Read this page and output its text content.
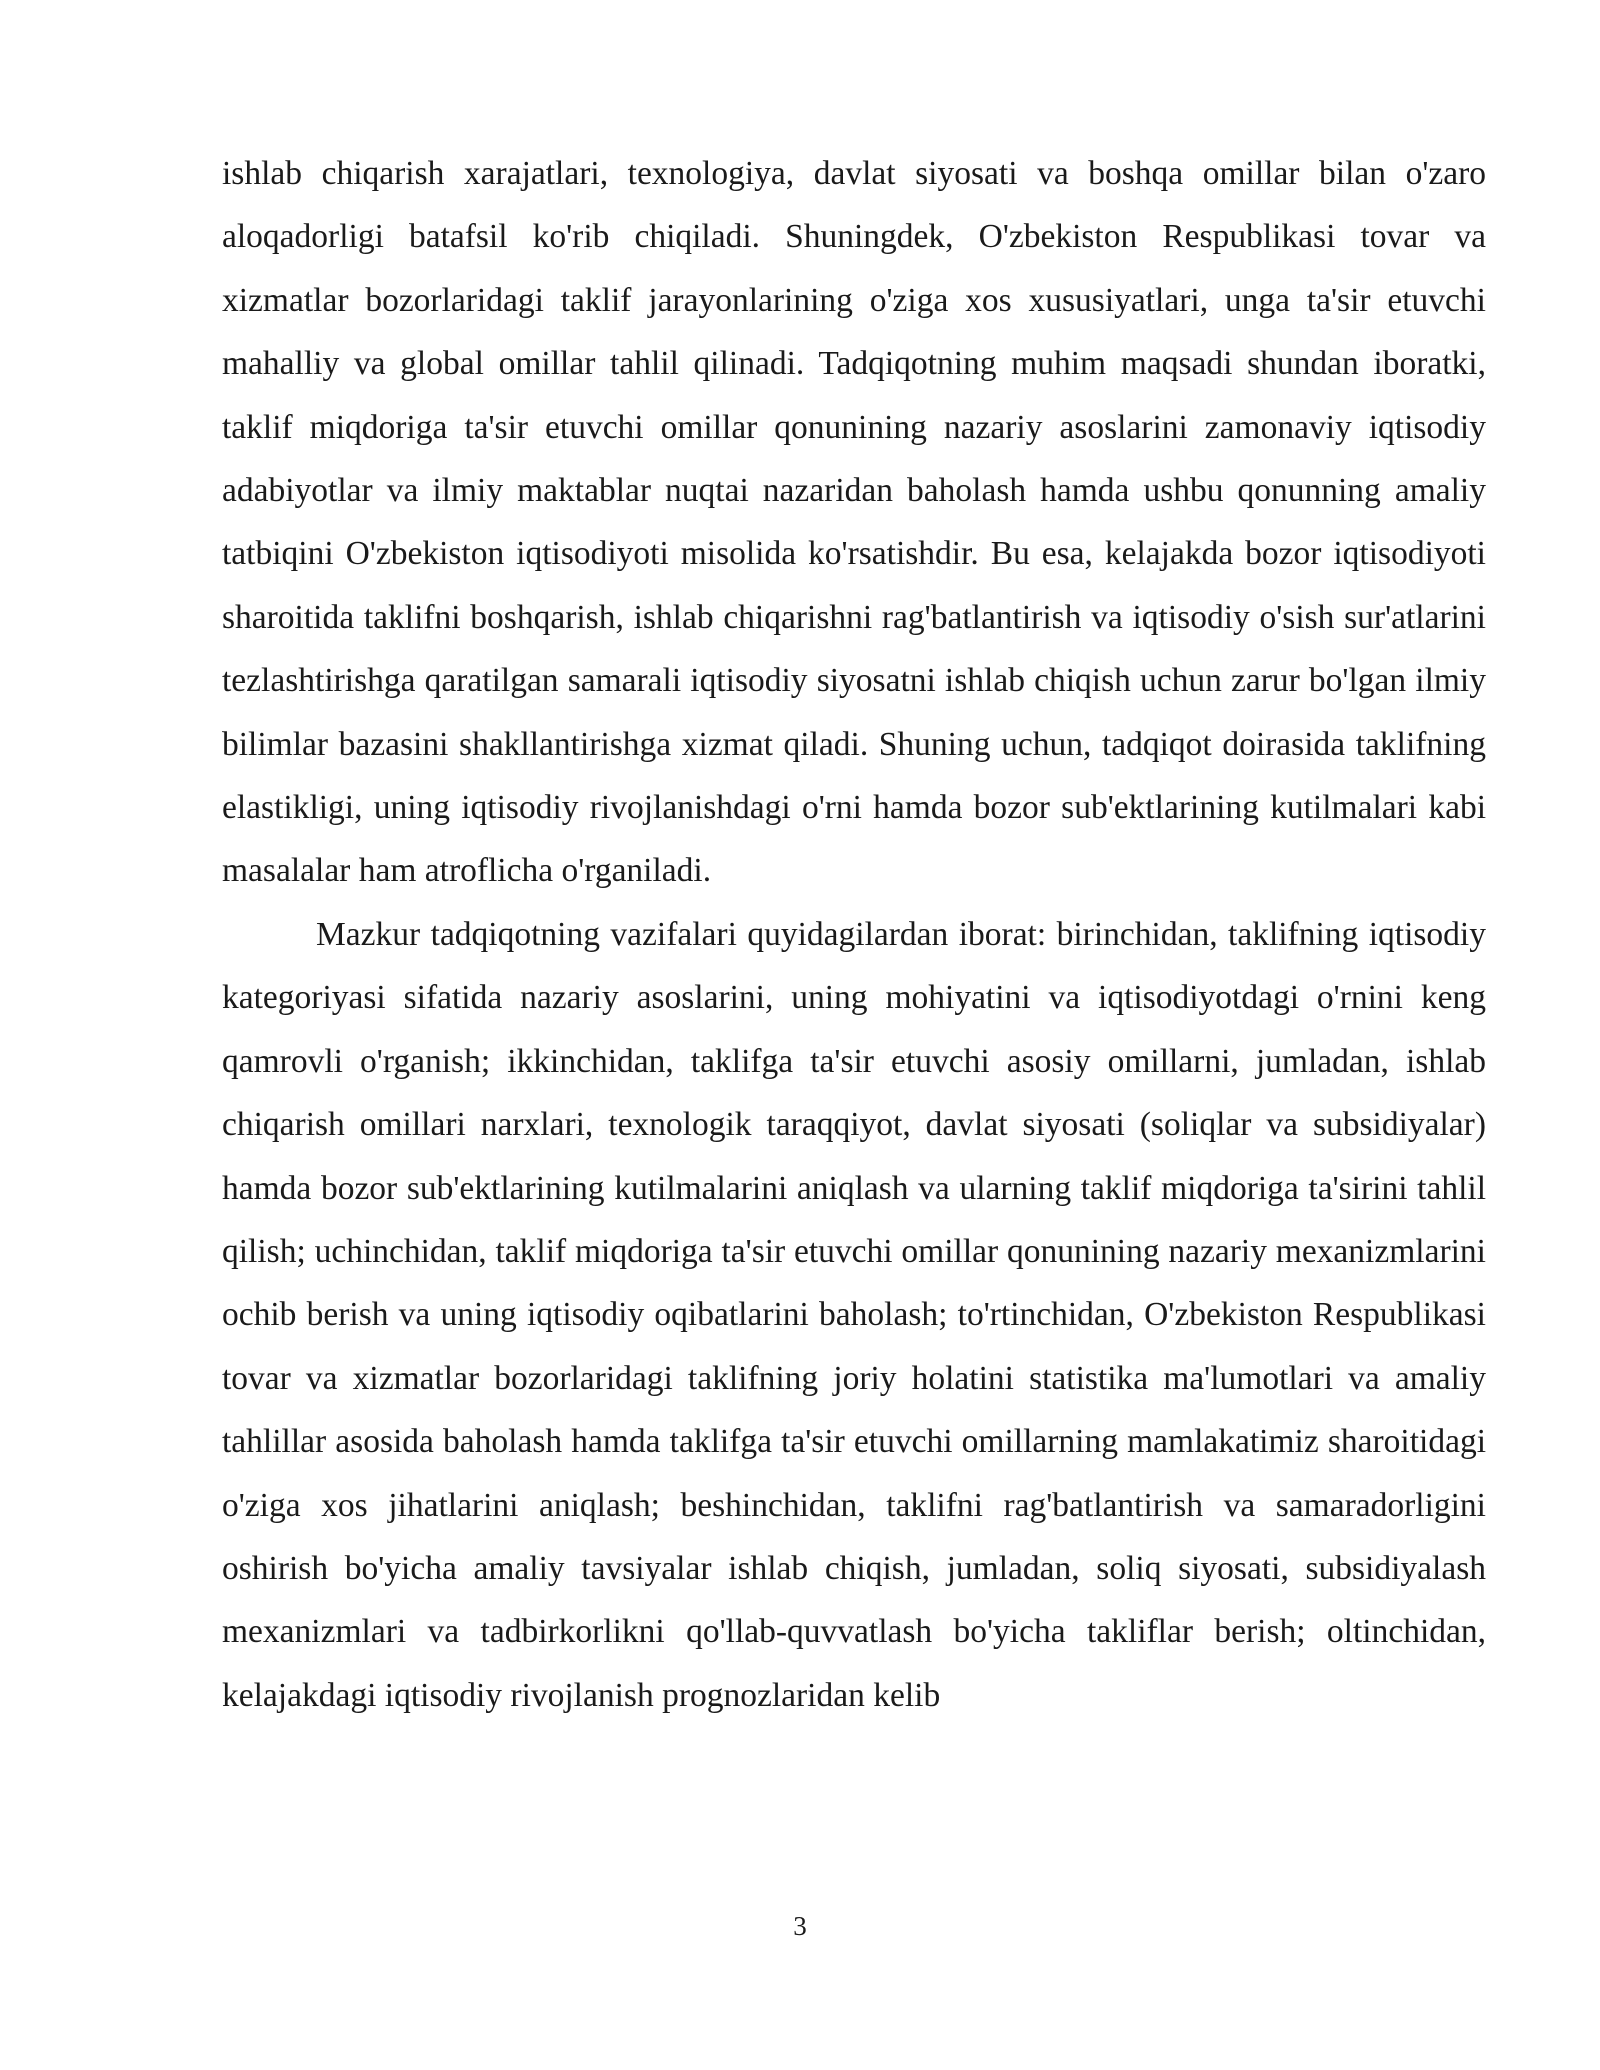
ishlab chiqarish xarajatlari, texnologiya, davlat siyosati va boshqa omillar bilan o'zaro aloqadorligi batafsil ko'rib chiqiladi. Shuningdek, O'zbekiston Respublikasi tovar va xizmatlar bozorlaridagi taklif jarayonlarining o'ziga xos xususiyatlari, unga ta'sir etuvchi mahalliy va global omillar tahlil qilinadi. Tadqiqotning muhim maqsadi shundan iboratki, taklif miqdoriga ta'sir etuvchi omillar qonunining nazariy asoslarini zamonaviy iqtisodiy adabiyotlar va ilmiy maktablar nuqtai nazaridan baholash hamda ushbu qonunning amaliy tatbiqini O'zbekiston iqtisodiyoti misolida ko'rsatishdir. Bu esa, kelajakda bozor iqtisodiyoti sharoitida taklifni boshqarish, ishlab chiqarishni rag'batlantirish va iqtisodiy o'sish sur'atlarini tezlashtirishga qaratilgan samarali iqtisodiy siyosatni ishlab chiqish uchun zarur bo'lgan ilmiy bilimlar bazasini shakllantirishga xizmat qiladi. Shuning uchun, tadqiqot doirasida taklifning elastikligi, uning iqtisodiy rivojlanishdagi o'rni hamda bozor sub'ektlarining kutilmalari kabi masalalar ham atroflicha o'rganiladi.

Mazkur tadqiqotning vazifalari quyidagilardan iborat: birinchidan, taklifning iqtisodiy kategoriyasi sifatida nazariy asoslarini, uning mohiyatini va iqtisodiyotdagi o'rnini keng qamrovli o'rganish; ikkinchidan, taklifga ta'sir etuvchi asosiy omillarni, jumladan, ishlab chiqarish omillari narxlari, texnologik taraqqiyot, davlat siyosati (soliqlar va subsidiyalar) hamda bozor sub'ektlarining kutilmalarini aniqlash va ularning taklif miqdoriga ta'sirini tahlil qilish; uchinchidan, taklif miqdoriga ta'sir etuvchi omillar qonunining nazariy mexanizmlarini ochib berish va uning iqtisodiy oqibatlarini baholash; to'rtinchidan, O'zbekiston Respublikasi tovar va xizmatlar bozorlaridagi taklifning joriy holatini statistika ma'lumotlari va amaliy tahlillar asosida baholash hamda taklifga ta'sir etuvchi omillarning mamlakatimiz sharoitidagi o'ziga xos jihatlarini aniqlash; beshinchidan, taklifni rag'batlantirish va samaradorligini oshirish bo'yicha amaliy tavsiyalar ishlab chiqish, jumladan, soliq siyosati, subsidiyalash mexanizmlari va tadbirkorlikni qo'llab-quvvatlash bo'yicha takliflar berish; oltinchidan, kelajakdagi iqtisodiy rivojlanish prognozlaridan kelib

3
